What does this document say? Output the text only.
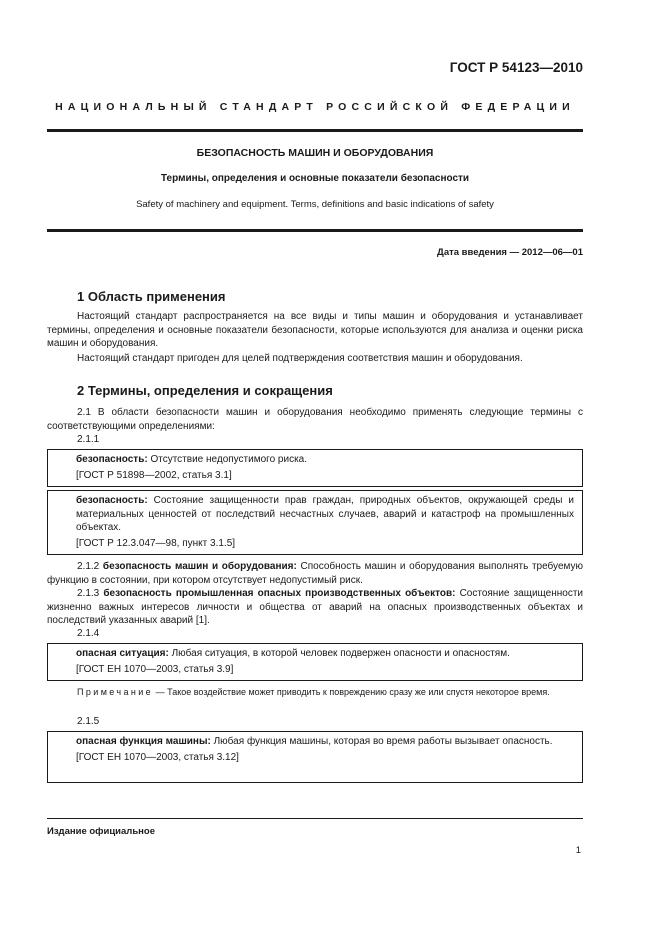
ГОСТ Р 54123—2010
НАЦИОНАЛЬНЫЙ СТАНДАРТ РОССИЙСКОЙ ФЕДЕРАЦИИ
БЕЗОПАСНОСТЬ МАШИН И ОБОРУДОВАНИЯ
Термины, определения и основные показатели безопасности
Safety of machinery and equipment. Terms, definitions and basic indications of safety
Дата введения — 2012—06—01
1 Область применения
Настоящий стандарт распространяется на все виды и типы машин и оборудования и устанавливает термины, определения и основные показатели безопасности, которые используются для анализа и оценки риска машин и оборудования.
Настоящий стандарт пригоден для целей подтверждения соответствия машин и оборудования.
2 Термины, определения и сокращения
2.1 В области безопасности машин и оборудования необходимо применять следующие термины с соответствующими определениями:
2.1.1
безопасность: Отсутствие недопустимого риска.
[ГОСТ Р 51898—2002, статья 3.1]
безопасность: Состояние защищенности прав граждан, природных объектов, окружающей среды и материальных ценностей от последствий несчастных случаев, аварий и катастроф на промышленных объектах.
[ГОСТ Р 12.3.047—98, пункт 3.1.5]
2.1.2 безопасность машин и оборудования: Способность машин и оборудования выполнять требуемую функцию в состоянии, при котором отсутствует недопустимый риск.
2.1.3 безопасность промышленная опасных производственных объектов: Состояние защищенности жизненно важных интересов личности и общества от аварий на опасных производственных объектах и последствий указанных аварий [1].
2.1.4
опасная ситуация: Любая ситуация, в которой человек подвержен опасности и опасностям.
[ГОСТ ЕН 1070—2003, статья 3.9]
Примечание — Такое воздействие может приводить к повреждению сразу же или спустя некоторое время.
2.1.5
опасная функция машины: Любая функция машины, которая во время работы вызывает опасность.
[ГОСТ ЕН 1070—2003, статья 3.12]
Издание официальное
1
